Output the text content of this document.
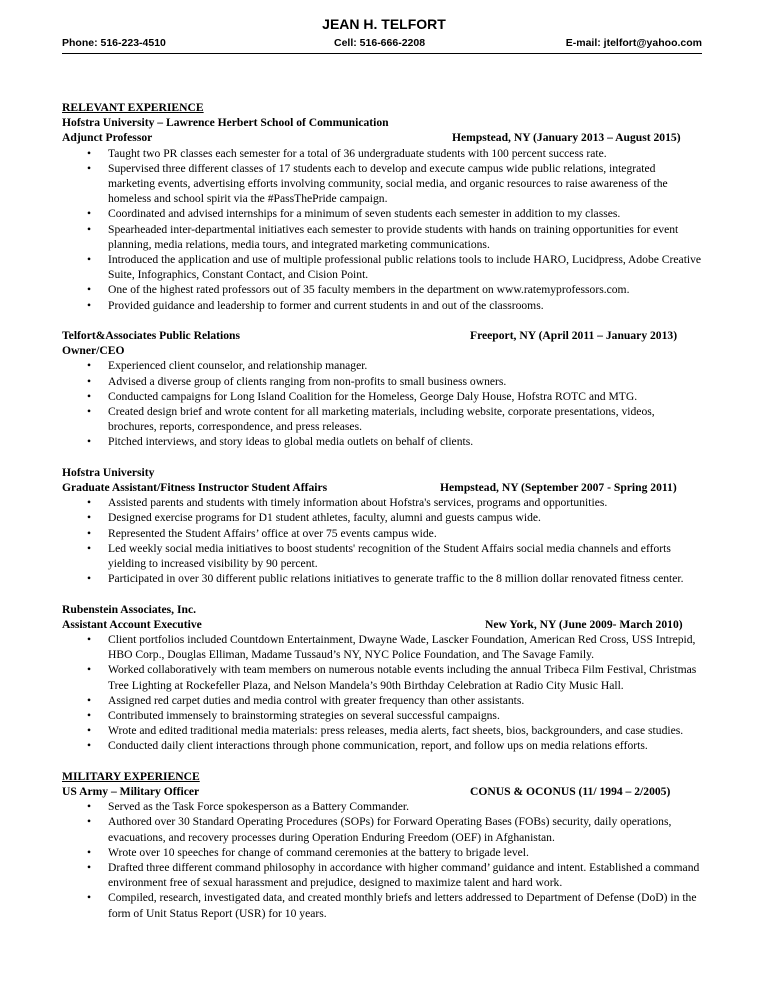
JEAN H. TELFORT
Phone: 516-223-4510	Cell: 516-666-2208	E-mail: jtelfort@yahoo.com
RELEVANT EXPERIENCE
Hofstra University – Lawrence Herbert School of Communication
Adjunct Professor	Hempstead, NY (January 2013 – August 2015)
• Taught two PR classes each semester for a total of 36 undergraduate students with 100 percent success rate.
• Supervised three different classes of 17 students each to develop and execute campus wide public relations, integrated marketing events, advertising efforts involving community, social media, and organic resources to raise awareness of the homeless and school spirit via the #PassThePride campaign.
• Coordinated and advised internships for a minimum of seven students each semester in addition to my classes.
• Spearheaded inter-departmental initiatives each semester to provide students with hands on training opportunities for event planning, media relations, media tours, and integrated marketing communications.
• Introduced the application and use of multiple professional public relations tools to include HARO, Lucidpress, Adobe Creative Suite, Infographics, Constant Contact, and Cision Point.
• One of the highest rated professors out of 35 faculty members in the department on www.ratemyprofessors.com.
• Provided guidance and leadership to former and current students in and out of the classrooms.
Telfort&Associates Public Relations	Freeport, NY (April 2011 – January 2013)
Owner/CEO
• Experienced client counselor, and relationship manager.
• Advised a diverse group of clients ranging from non-profits to small business owners.
• Conducted campaigns for Long Island Coalition for the Homeless, George Daly House, Hofstra ROTC and MTG.
• Created design brief and wrote content for all marketing materials, including website, corporate presentations, videos, brochures, reports, correspondence, and press releases.
• Pitched interviews, and story ideas to global media outlets on behalf of clients.
Hofstra University
Graduate Assistant/Fitness Instructor Student Affairs	Hempstead, NY (September 2007 - Spring 2011)
• Assisted parents and students with timely information about Hofstra's services, programs and opportunities.
• Designed exercise programs for D1 student athletes, faculty, alumni and guests campus wide.
• Represented the Student Affairs’ office at over 75 events campus wide.
• Led weekly social media initiatives to boost students' recognition of the Student Affairs social media channels and efforts yielding to increased visibility by 90 percent.
• Participated in over 30 different public relations initiatives to generate traffic to the 8 million dollar renovated fitness center.
Rubenstein Associates, Inc.
Assistant Account Executive	New York, NY (June 2009- March 2010)
• Client portfolios included Countdown Entertainment, Dwayne Wade, Lascker Foundation, American Red Cross, USS Intrepid, HBO Corp., Douglas Elliman, Madame Tussaud’s NY, NYC Police Foundation, and The Savage Family.
• Worked collaboratively with team members on numerous notable events including the annual Tribeca Film Festival, Christmas Tree Lighting at Rockefeller Plaza, and Nelson Mandela’s 90th Birthday Celebration at Radio City Music Hall.
• Assigned red carpet duties and media control with greater frequency than other assistants.
• Contributed immensely to brainstorming strategies on several successful campaigns.
• Wrote and edited traditional media materials: press releases, media alerts, fact sheets, bios, backgrounders, and case studies.
• Conducted daily client interactions through phone communication, report, and follow ups on media relations efforts.
MILITARY EXPERIENCE
US Army – Military Officer	CONUS & OCONUS (11/ 1994 – 2/2005)
• Served as the Task Force spokesperson as a Battery Commander.
• Authored over 30 Standard Operating Procedures (SOPs) for Forward Operating Bases (FOBs) security, daily operations, evacuations, and recovery processes during Operation Enduring Freedom (OEF) in Afghanistan.
• Wrote over 10 speeches for change of command ceremonies at the battery to brigade level.
• Drafted three different command philosophy in accordance with higher command’ guidance and intent. Established a command environment free of sexual harassment and prejudice, designed to maximize talent and hard work.
• Compiled, research, investigated data, and created monthly briefs and letters addressed to Department of Defense (DoD) in the form of Unit Status Report (USR) for 10 years.
